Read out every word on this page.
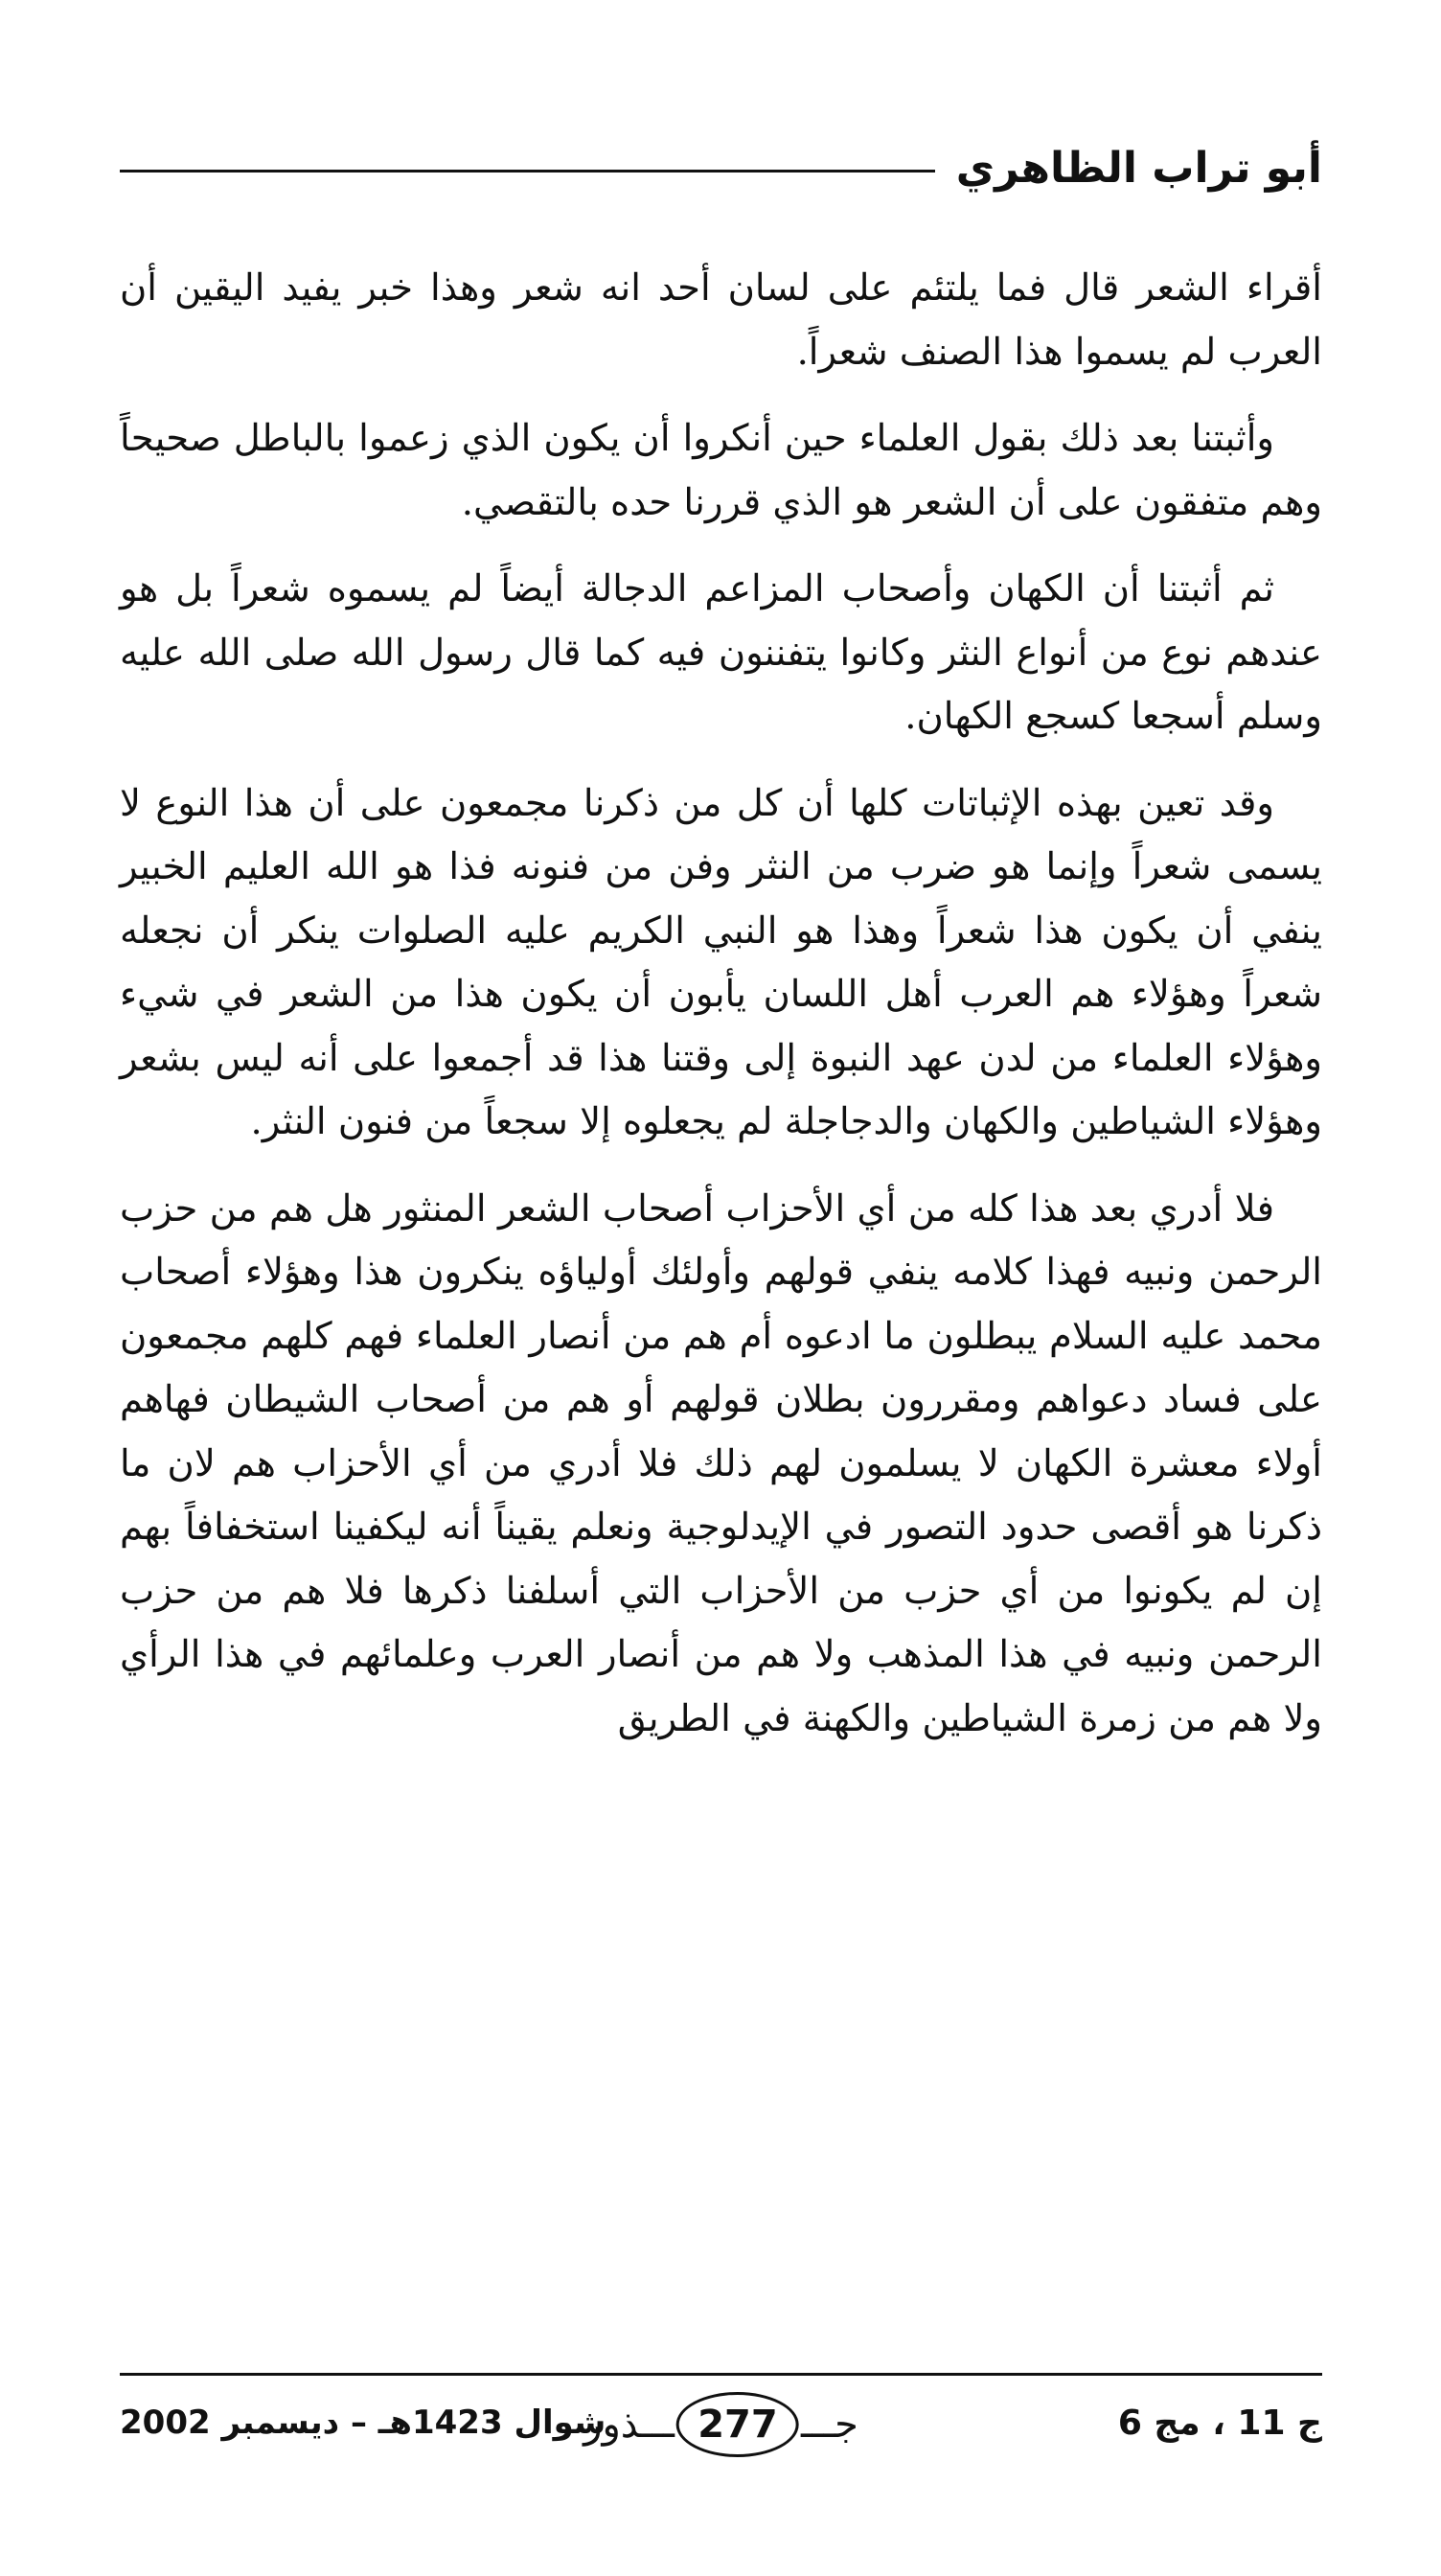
أبو تراب الظاهري

أقراء الشعر قال فما يلتئم على لسان أحد انه شعر وهذا خبر يفيد اليقين أن العرب لم يسموا هذا الصنف شعراً.

وأثبتنا بعد ذلك بقول العلماء حين أنكروا أن يكون الذي زعموا بالباطل صحيحاً وهم متفقون على أن الشعر هو الذي قررنا حده بالتقصي.

ثم أثبتنا أن الكهان وأصحاب المزاعم الدجالة أيضاً لم يسموه شعراً بل هو عندهم نوع من أنواع النثر وكانوا يتفننون فيه كما قال رسول الله صلى الله عليه وسلم أسجعا كسجع الكهان.

وقد تعين بهذه الإثباتات كلها أن كل من ذكرنا مجمعون على أن هذا النوع لا يسمى شعراً وإنما هو ضرب من النثر وفن من فنونه فذا هو الله العليم الخبير ينفي أن يكون هذا شعراً وهذا هو النبي الكريم عليه الصلوات ينكر أن نجعله شعراً وهؤلاء هم العرب أهل اللسان يأبون أن يكون هذا من الشعر في شيء وهؤلاء العلماء من لدن عهد النبوة إلى وقتنا هذا قد أجمعوا على أنه ليس بشعر وهؤلاء الشياطين والكهان والدجاجلة لم يجعلوه إلا سجعاً من فنون النثر.

فلا أدري بعد هذا كله من أي الأحزاب أصحاب الشعر المنثور هل هم من حزب الرحمن ونبيه فهذا كلامه ينفي قولهم وأولئك أولياؤه ينكرون هذا وهؤلاء أصحاب محمد عليه السلام يبطلون ما ادعوه أم هم من أنصار العلماء فهم كلهم مجمعون على فساد دعواهم ومقررون بطلان قولهم أو هم من أصحاب الشيطان فهاهم أولاء معشرة الكهان لا يسلمون لهم ذلك فلا أدري من أي الأحزاب هم لان ما ذكرنا هو أقصى حدود التصور في الإيدلوجية ونعلم يقيناً أنه ليكفينا استخفافاً بهم إن لم يكونوا من أي حزب من الأحزاب التي أسلفنا ذكرها فلا هم من حزب الرحمن ونبيه في هذا المذهب ولا هم من أنصار العرب وعلمائهم في هذا الرأي ولا هم من زمرة الشياطين والكهنة في الطريق

ج 11 ، مج 6
جـــ
277
ـــذور
شوال 1423هـ – ديسمبر 2002
